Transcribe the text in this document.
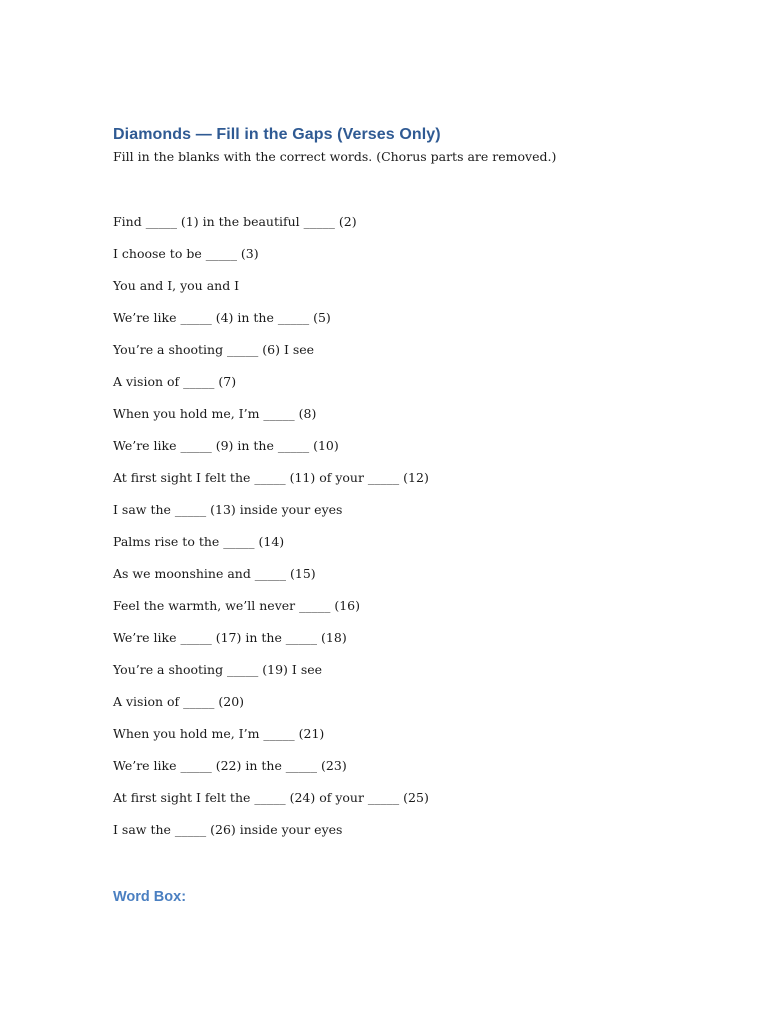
Diamonds — Fill in the Gaps (Verses Only)

Fill in the blanks with the correct words. (Chorus parts are removed.)

Find _____ (1) in the beautiful _____ (2)
I choose to be _____ (3)
You and I, you and I
We’re like _____ (4) in the _____ (5)
You’re a shooting _____ (6) I see
A vision of _____ (7)
When you hold me, I’m _____ (8)
We’re like _____ (9) in the _____ (10)
At first sight I felt the _____ (11) of your _____ (12)
I saw the _____ (13) inside your eyes
Palms rise to the _____ (14)
As we moonshine and _____ (15)
Feel the warmth, we’ll never _____ (16)
We’re like _____ (17) in the _____ (18)
You’re a shooting _____ (19) I see
A vision of _____ (20)
When you hold me, I’m _____ (21)
We’re like _____ (22) in the _____ (23)
At first sight I felt the _____ (24) of your _____ (25)
I saw the _____ (26) inside your eyes
Word Box:
